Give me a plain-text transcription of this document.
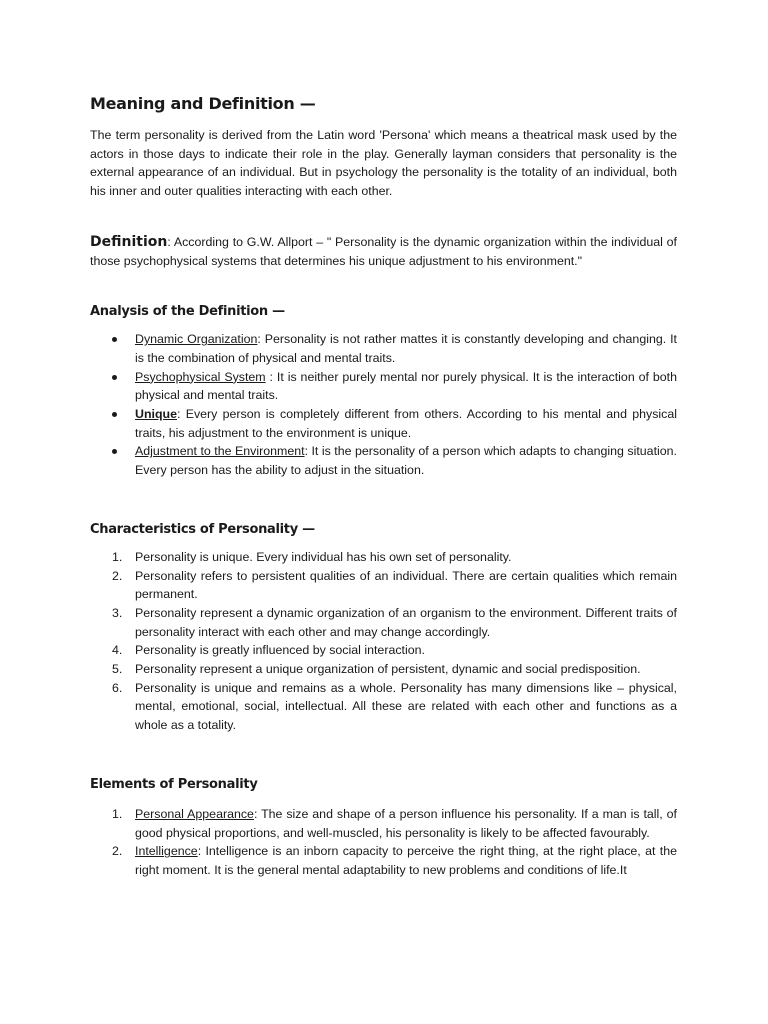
Meaning and Definition —

The term personality is derived from the Latin word 'Persona' which means a theatrical mask used by the actors in those days to indicate their role in the play. Generally layman considers that personality is the external appearance of an individual. But in psychology the personality is the totality of an individual, both his inner and outer qualities interacting with each other.

Definition: According to G.W. Allport – " Personality is the dynamic organization within the individual of those psychophysical systems that determines his unique adjustment to his environment."

Analysis of the Definition —
Dynamic Organization: Personality is not rather mattes it is constantly developing and changing. It is the combination of physical and mental traits.
Psychophysical System : It is neither purely mental nor purely physical. It is the interaction of both physical and mental traits.
Unique: Every person is completely different from others. According to his mental and physical traits, his adjustment to the environment is unique.
Adjustment to the Environment: It is the personality of a person which adapts to changing situation. Every person has the ability to adjust in the situation.
Characteristics of Personality —
1. Personality is unique. Every individual has his own set of personality.
2. Personality refers to persistent qualities of an individual. There are certain qualities which remain permanent.
3. Personality represent a dynamic organization of an organism to the environment. Different traits of personality interact with each other and may change accordingly.
4. Personality is greatly influenced by social interaction.
5. Personality represent a unique organization of persistent, dynamic and social predisposition.
6. Personality is unique and remains as a whole. Personality has many dimensions like – physical, mental, emotional, social, intellectual. All these are related with each other and functions as a whole as a totality.
Elements of Personality
1. Personal Appearance: The size and shape of a person influence his personality. If a man is tall, of good physical proportions, and well-muscled, his personality is likely to be affected favourably.
2. Intelligence: Intelligence is an inborn capacity to perceive the right thing, at the right place, at the right moment. It is the general mental adaptability to new problems and conditions of life.It
